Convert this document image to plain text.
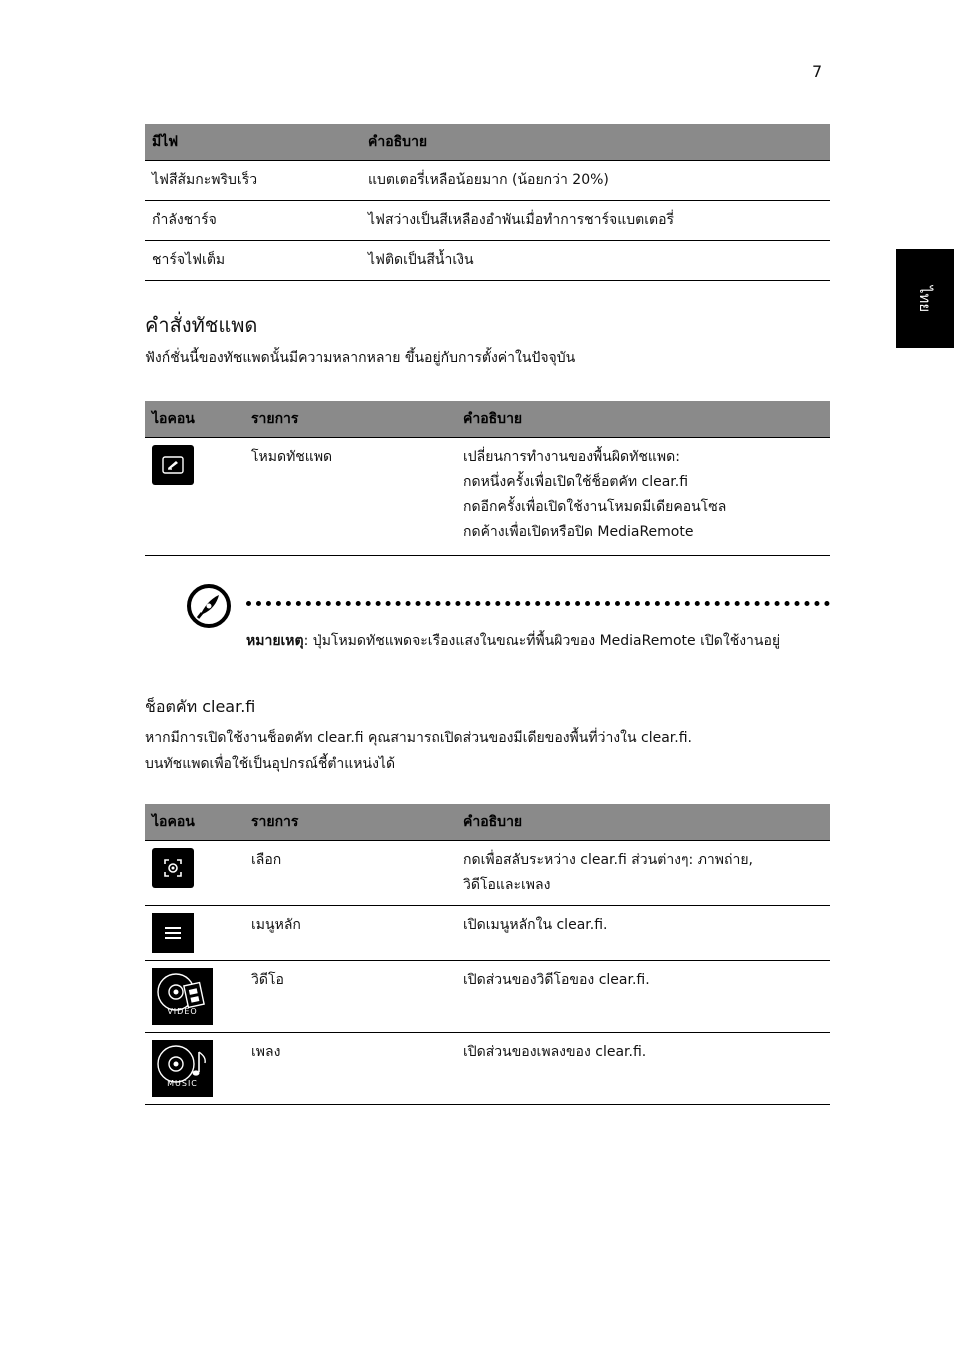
7
ไทย
มีไฟ	คำอธิบาย
ไฟสีส้มกะพริบเร็ว	แบตเตอรี่เหลือน้อยมาก (น้อยกว่า 20%)
กำลังชาร์จ	ไฟสว่างเป็นสีเหลืองอำพันเมื่อทำการชาร์จแบตเตอรี่
ชาร์จไฟเต็ม	ไฟติดเป็นสีน้ำเงิน
คำสั่งทัชแพด

ฟังก์ชั่นนี้ของทัชแพดนั้นมีความหลากหลาย ขึ้นอยู่กับการตั้งค่าในปัจจุบัน

ไอคอน	รายการ	คำอธิบาย

	โหมดทัชแพด	เปลี่ยนการทำงานของพื้นผิดทัชแพด:
กดหนึ่งครั้งเพื่อเปิดใช้ช็อตคัท clear.fi
กดอีกครั้งเพื่อเปิดใช้งานโหมดมีเดียคอนโซล
กดค้างเพื่อเปิดหรือปิด MediaRemote
หมายเหตุ: ปุ่มโหมดทัชแพดจะเรืองแสงในขณะที่พื้นผิวของ MediaRemote เปิดใช้งานอยู่
ช็อตคัท clear.fi
หากมีการเปิดใช้งานช็อตคัท clear.fi คุณสามารถเปิดส่วนของมีเดียของพื้นที่ว่างใน clear.fi.
บนทัชแพดเพื่อใช้เป็นอุปกรณ์ชี้ตำแหน่งได้
ไอคอน	รายการ	คำอธิบาย

	เลือก	กดเพื่อสลับระหว่าง clear.fi ส่วนต่างๆ: ภาพถ่าย,
วิดีโอและเพลง

	เมนูหลัก	เปิดเมนูหลักใน clear.fi.

VIDEO	วิดีโอ	เปิดส่วนของวิดีโอของ clear.fi.

MUSIC	เพลง	เปิดส่วนของเพลงของ clear.fi.
